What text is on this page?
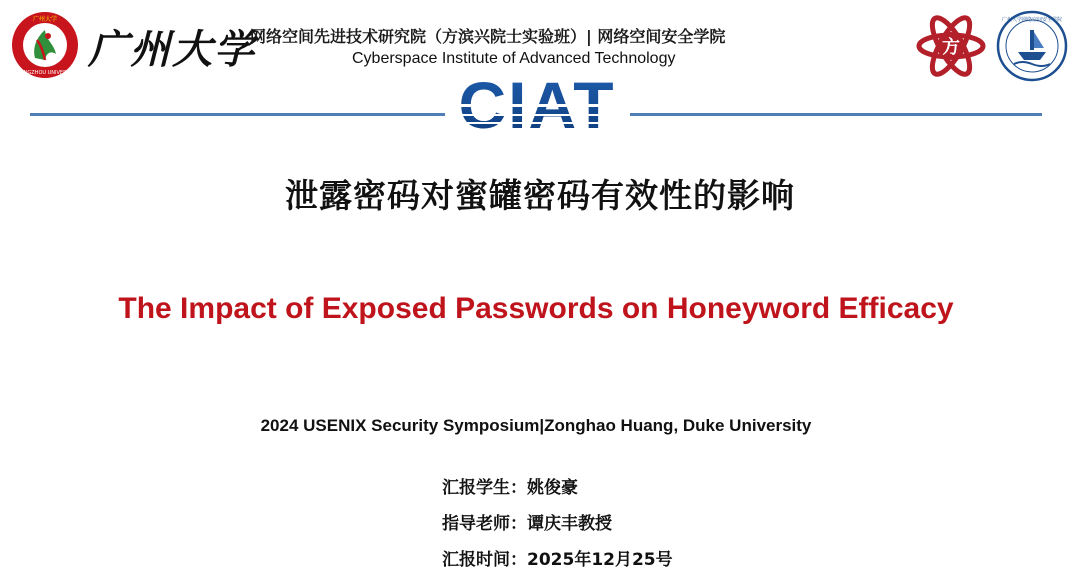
GUANGZHOU UNIVERSITY
广州大学
广州大学
网络空间先进技术研究院（方滨兴院士实验班）| 网络空间安全学院
Cyberspace Institute of Advanced Technology
方
广州大学网络空间安全学院
泄露密码对蜜罐密码有效性的影响
The Impact of Exposed Passwords on Honeyword Efficacy
2024 USENIX Security Symposium|Zonghao Huang, Duke University
汇报学生：姚俊豪
指导老师：谭庆丰教授
汇报时间：2025年12月25号
